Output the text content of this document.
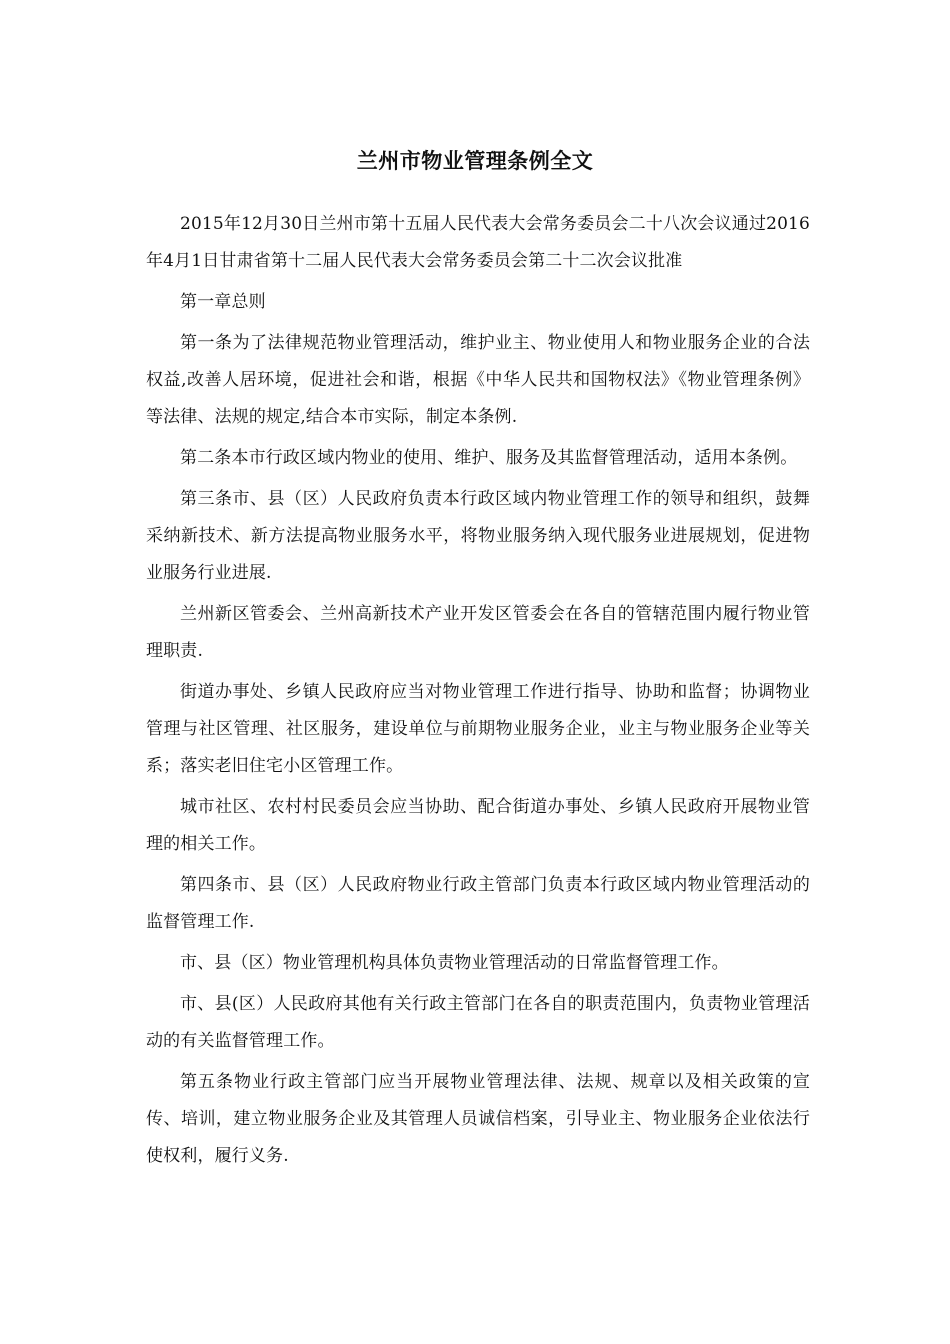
兰州市物业管理条例全文

2015年12月30日兰州市第十五届人民代表大会常务委员会二十八次会议通过2016年4月1日甘肃省第十二届人民代表大会常务委员会第二十二次会议批准

第一章总则

第一条为了法律规范物业管理活动，维护业主、物业使用人和物业服务企业的合法权益,改善人居环境，促进社会和谐，根据《中华人民共和国物权法》《物业管理条例》等法律、法规的规定,结合本市实际，制定本条例.

第二条本市行政区域内物业的使用、维护、服务及其监督管理活动，适用本条例。

第三条市、县（区）人民政府负责本行政区域内物业管理工作的领导和组织，鼓舞采纳新技术、新方法提高物业服务水平，将物业服务纳入现代服务业进展规划，促进物业服务行业进展.

兰州新区管委会、兰州高新技术产业开发区管委会在各自的管辖范围内履行物业管理职责.

街道办事处、乡镇人民政府应当对物业管理工作进行指导、协助和监督；协调物业管理与社区管理、社区服务，建设单位与前期物业服务企业，业主与物业服务企业等关系；落实老旧住宅小区管理工作。

城市社区、农村村民委员会应当协助、配合街道办事处、乡镇人民政府开展物业管理的相关工作。

第四条市、县（区）人民政府物业行政主管部门负责本行政区域内物业管理活动的监督管理工作.

市、县（区）物业管理机构具体负责物业管理活动的日常监督管理工作。

市、县(区）人民政府其他有关行政主管部门在各自的职责范围内，负责物业管理活动的有关监督管理工作。

第五条物业行政主管部门应当开展物业管理法律、法规、规章以及相关政策的宣传、培训，建立物业服务企业及其管理人员诚信档案，引导业主、物业服务企业依法行使权利，履行义务.
